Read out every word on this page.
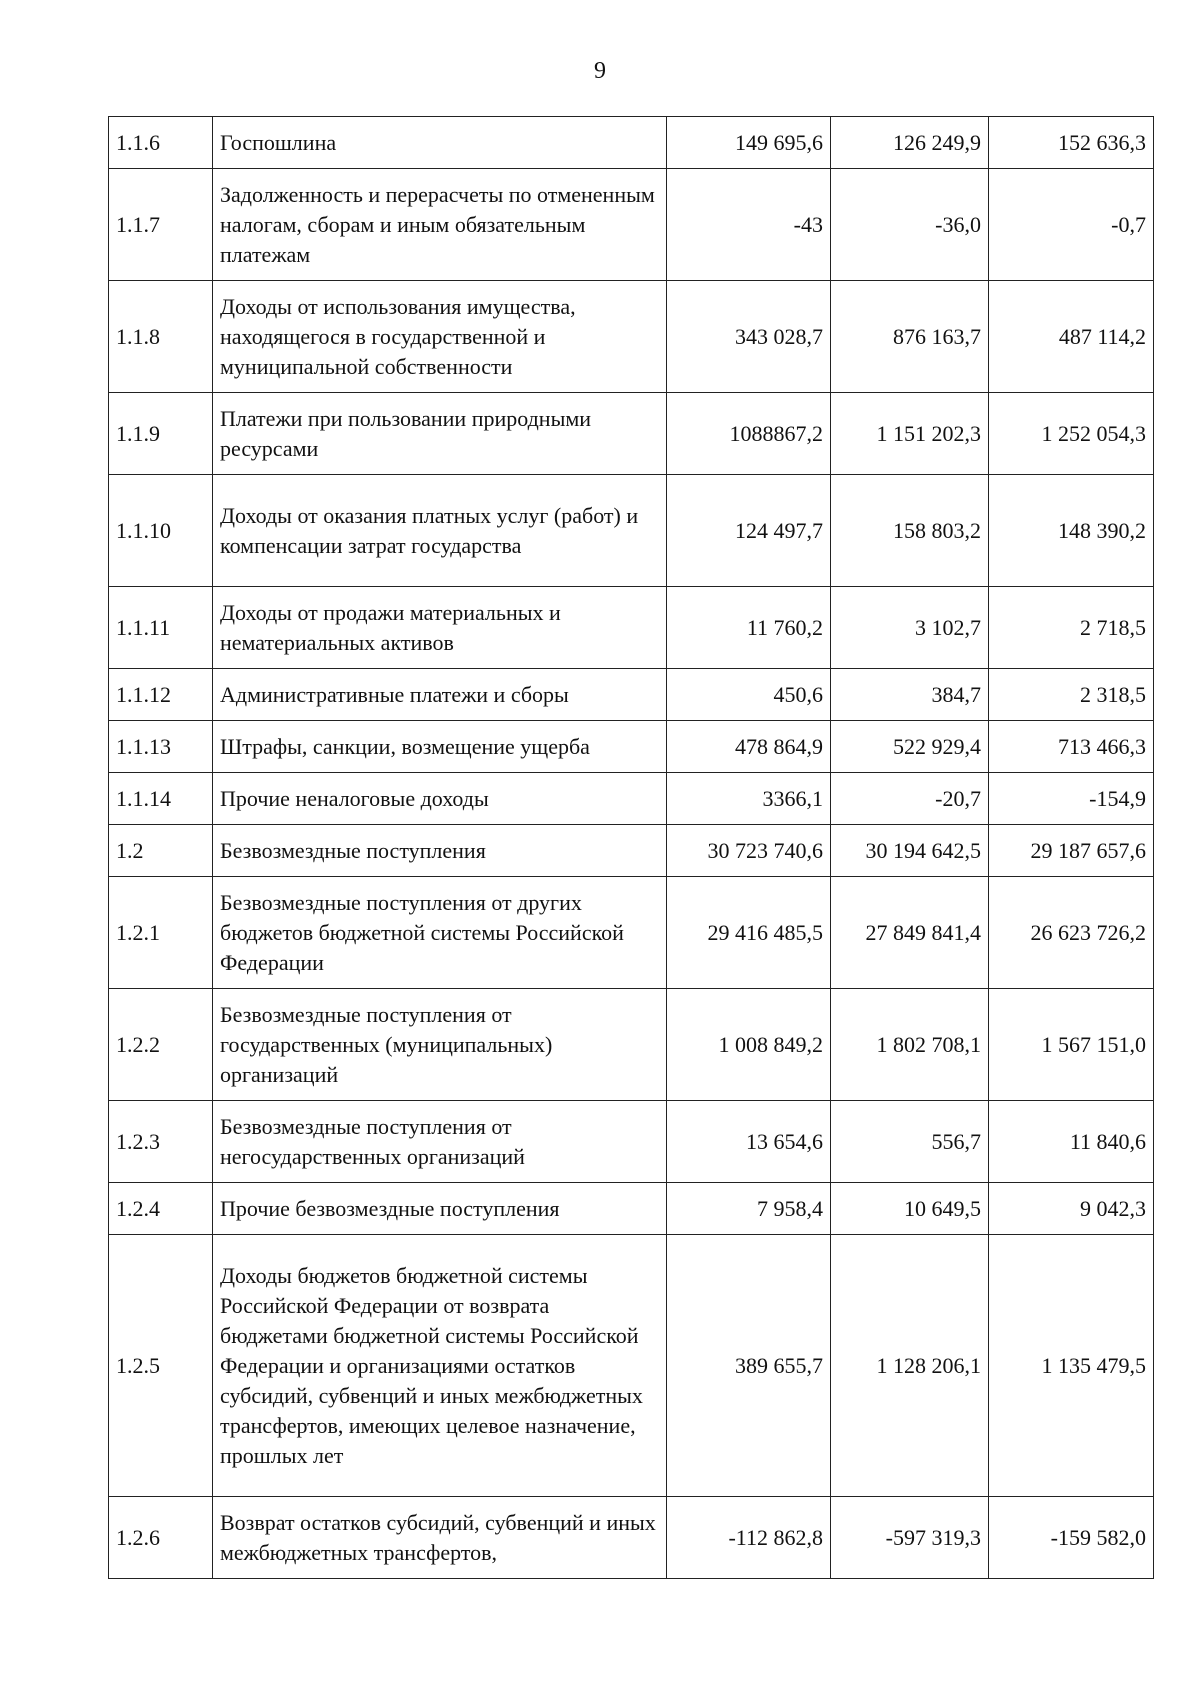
9
1.1.6	Госпошлина	149 695,6	126 249,9	152 636,3
1.1.7	Задолженность и перерасчеты по отмененным налогам, сборам и иным обязательным платежам	-43	-36,0	-0,7
1.1.8	Доходы от использования имущества, находящегося в государственной и муниципальной собственности	343 028,7	876 163,7	487 114,2
1.1.9	Платежи при пользовании природными ресурсами	1088867,2	1 151 202,3	1 252 054,3
1.1.10	Доходы от оказания платных услуг (работ) и компенсации затрат государства	124 497,7	158 803,2	148 390,2
1.1.11	Доходы от продажи материальных и нематериальных активов	11 760,2	3 102,7	2 718,5
1.1.12	Административные платежи и сборы	450,6	384,7	2 318,5
1.1.13	Штрафы, санкции, возмещение ущерба	478 864,9	522 929,4	713 466,3
1.1.14	Прочие неналоговые доходы	3366,1	-20,7	-154,9
1.2	Безвозмездные поступления	30 723 740,6	30 194 642,5	29 187 657,6
1.2.1	Безвозмездные поступления от других бюджетов бюджетной системы Российской Федерации	29 416 485,5	27 849 841,4	26 623 726,2
1.2.2	Безвозмездные поступления от государственных (муниципальных) организаций	1 008 849,2	1 802 708,1	1 567 151,0
1.2.3	Безвозмездные поступления от негосударственных организаций	13 654,6	556,7	11 840,6
1.2.4	Прочие безвозмездные поступления	7 958,4	10 649,5	9 042,3
1.2.5	Доходы бюджетов бюджетной системы Российской Федерации от возврата бюджетами бюджетной системы Российской Федерации и организациями остатков субсидий, субвенций и иных межбюджетных трансфертов, имеющих целевое назначение, прошлых лет	389 655,7	1 128 206,1	1 135 479,5
1.2.6	Возврат остатков субсидий, субвенций и иных межбюджетных трансфертов,	-112 862,8	-597 319,3	-159 582,0
